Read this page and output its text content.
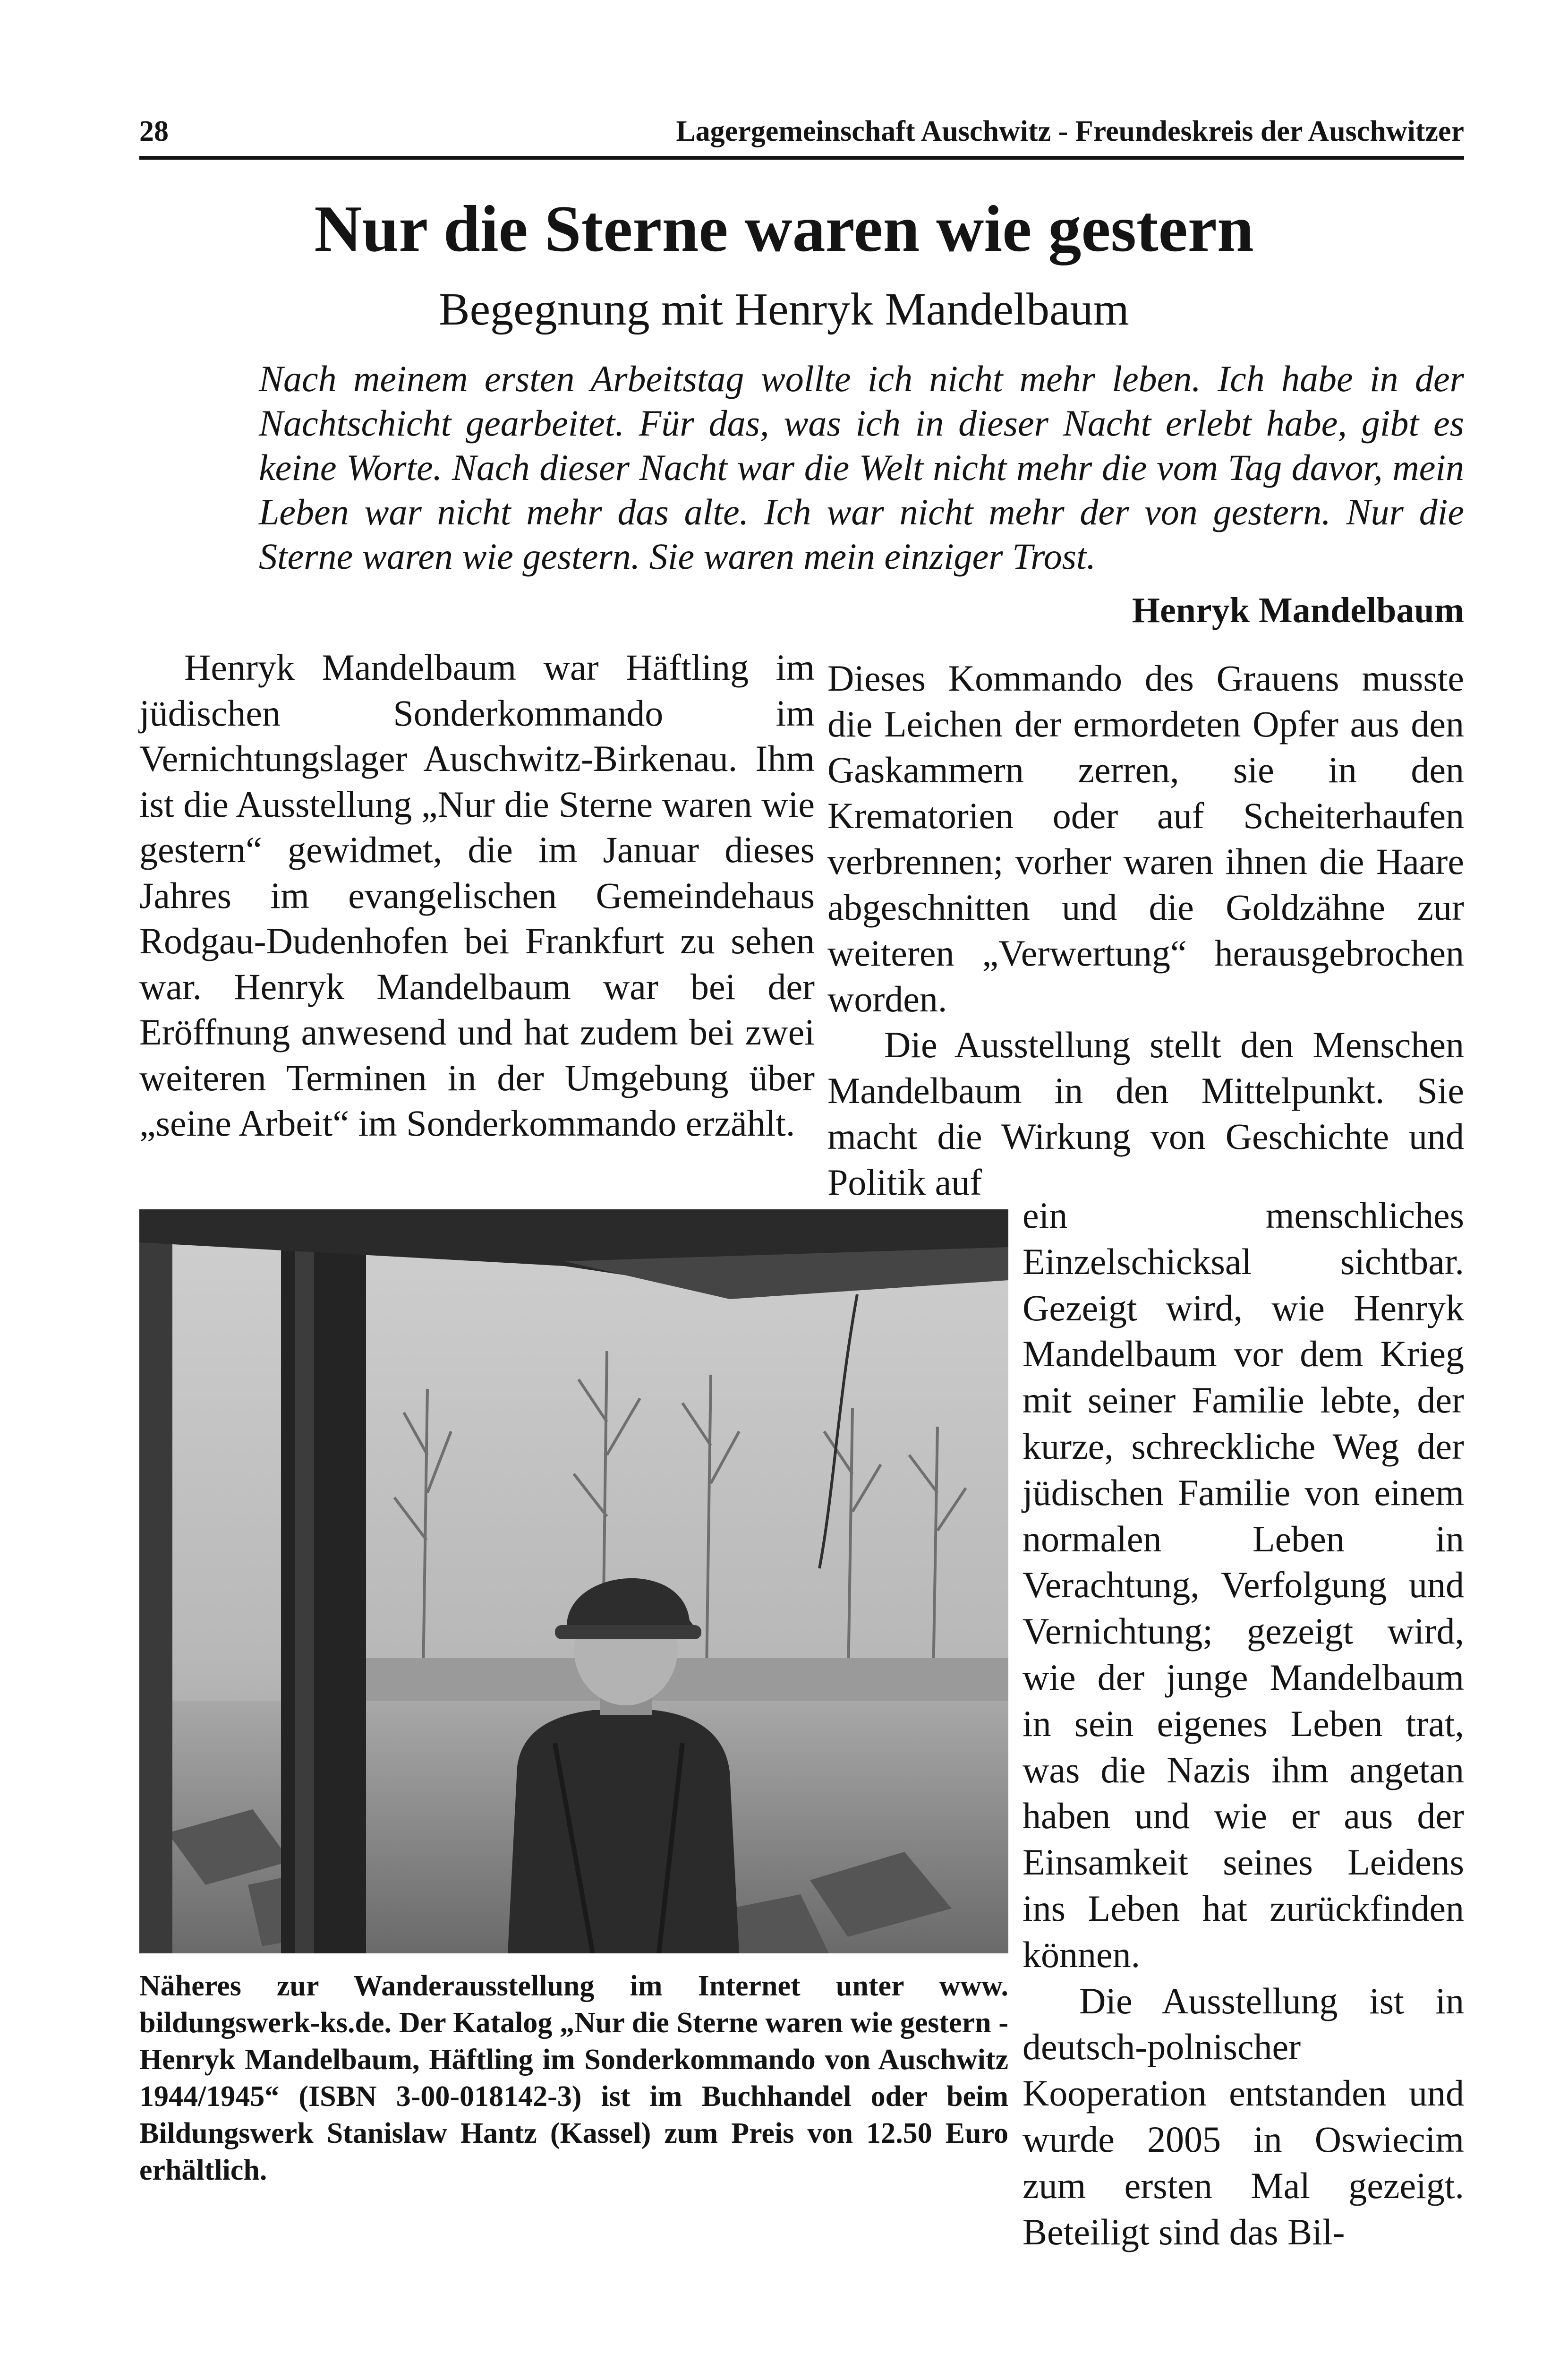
28	Lagergemeinschaft Auschwitz - Freundeskreis der Auschwitzer
Nur die Sterne waren wie gestern
Begegnung mit Henryk Mandelbaum
Nach meinem ersten Arbeitstag wollte ich nicht mehr leben. Ich habe in der Nachtschicht gearbeitet. Für das, was ich in dieser Nacht erlebt habe, gibt es keine Worte. Nach dieser Nacht war die Welt nicht mehr die vom Tag davor, mein Leben war nicht mehr das alte. Ich war nicht mehr der von gestern. Nur die Sterne waren wie gestern. Sie waren mein einziger Trost.
Henryk Mandelbaum
Henryk Mandelbaum war Häftling im jüdischen Sonderkommando im Vernichtungslager Auschwitz-Birkenau. Ihm ist die Ausstellung „Nur die Sterne waren wie gestern“ gewidmet, die im Januar dieses Jahres im evangelischen Gemeindehaus Rodgau-Dudenhofen bei Frankfurt zu sehen war. Henryk Mandelbaum war bei der Eröffnung anwesend und hat zudem bei zwei weiteren Terminen in der Umgebung über „seine Arbeit“ im Sonderkommando erzählt.

Dieses Kommando des Grauens musste die Leichen der ermordeten Opfer aus den Gaskammern zerren, sie in den Krematorien oder auf Scheiterhaufen verbrennen; vorher waren ihnen die Haare abgeschnitten und die Goldzähne zur weiteren „Verwertung“ herausgebrochen worden.

Die Ausstellung stellt den Menschen Mandelbaum in den Mittelpunkt. Sie macht die Wirkung von Geschichte und Politik auf

ein menschliches Einzelschicksal sichtbar. Gezeigt wird, wie Henryk Mandelbaum vor dem Krieg mit seiner Familie lebte, der kurze, schreckliche Weg der jüdischen Familie von einem normalen Leben in Verachtung, Verfolgung und Vernichtung; gezeigt wird, wie der junge Mandelbaum in sein eigenes Leben trat, was die Nazis ihm angetan haben und wie er aus der Einsamkeit seines Leidens ins Leben hat zurückfinden können.

Die Ausstellung ist in deutsch-polnischer Kooperation entstanden und wurde 2005 in Oswiecim zum ersten Mal gezeigt. Beteiligt sind das Bil-

Näheres zur Wanderausstellung im Internet unter www. bildungswerk-ks.de. Der Katalog „Nur die Sterne waren wie gestern - Henryk Mandelbaum, Häftling im Sonderkommando von Auschwitz 1944/1945“ (ISBN 3-00-018142-3) ist im Buchhandel oder beim Bildungswerk Stanislaw Hantz (Kassel) zum Preis von 12.50 Euro erhältlich.
